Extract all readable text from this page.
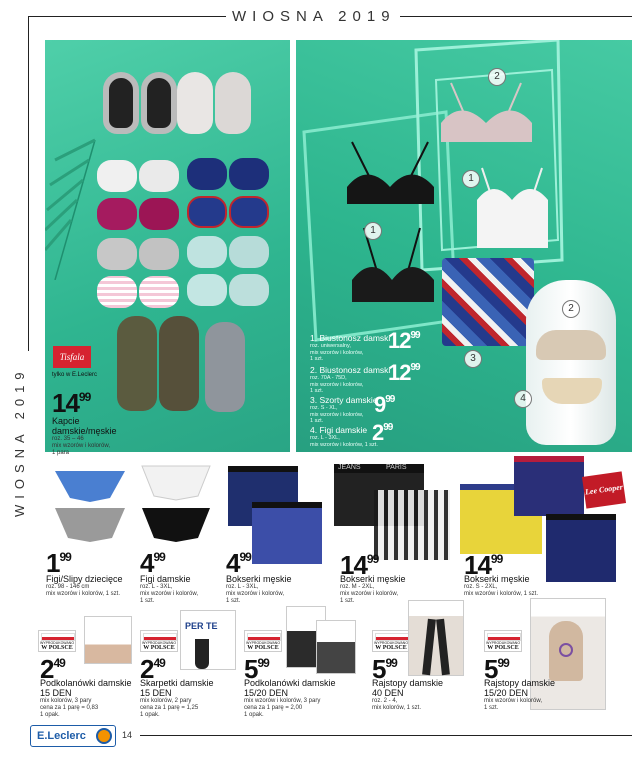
WIOSNA 2019
WIOSNA 2019
1
1
2
2
3
4
1. Biustonosz damski
roz. uniwersalny,
mix wzorów i kolorów,
1 szt.
$12^{99}$
2. Biustonosz damski
roz. 70A - 75D,
mix wzorów i kolorów,
1 szt.
$12^{99}$
3. Szorty damskie
roz. S - XL,
mix wzorów i kolorów,
1 szt.
$9^{99}$
4. Figi damskie
roz. L - 3XL,
mix wzorów i kolorów, 1 szt.
$2^{99}$
Tisfala
tylko w E.Leclerc
$14^{99}$
Kapcie damskie/męskie
roz. 35 – 46
mix wzorów i kolorów,
1 para
$1^{99}$
Figi/Slipy dziecięce
roz. 98 - 146 cm
mix wzorów i kolorów, 1 szt.
$4^{99}$
Figi damskie
roz. L - 3XL,
mix wzorów i kolorów,
1 szt.
$4^{99}$
Bokserki męskie
roz. L - 3XL,
mix wzorów i kolorów,
1 szt.
JEANS	PARIS
$14^{99}$
Bokserki męskie
roz. M - 2XL,
mix wzorów i kolorów,
1 szt.
Lee Cooper
$14^{99}$
Bokserki męskie
roz. S - 2XL,
mix wzorów i kolorów, 1 szt.
WYPRODUKOWANO
W POLSCE
$2^{49}$
Podkolanówki damskie
15 DEN
mix kolorów, 3 pary
cena za 1 parę = 0,83
1 opak.
WYPRODUKOWANO
W POLSCE
PER TE
$2^{49}$
Skarpetki damskie
15 DEN
mix kolorów, 2 pary
cena za 1 parę = 1,25
1 opak.
WYPRODUKOWANO
W POLSCE
$5^{99}$
Podkolanówki damskie
15/20 DEN
mix wzorów i kolorów, 3 pary
cena za 1 parę = 2,00
1 opak.
WYPRODUKOWANO
W POLSCE
$5^{99}$
Rajstopy damskie
40 DEN
roz. 2 - 4,
mix kolorów, 1 szt.
WYPRODUKOWANO
W POLSCE
$5^{99}$
Rajstopy damskie
15/20 DEN
mix wzorów i kolorów,
1 szt.
E.Leclerc	14
